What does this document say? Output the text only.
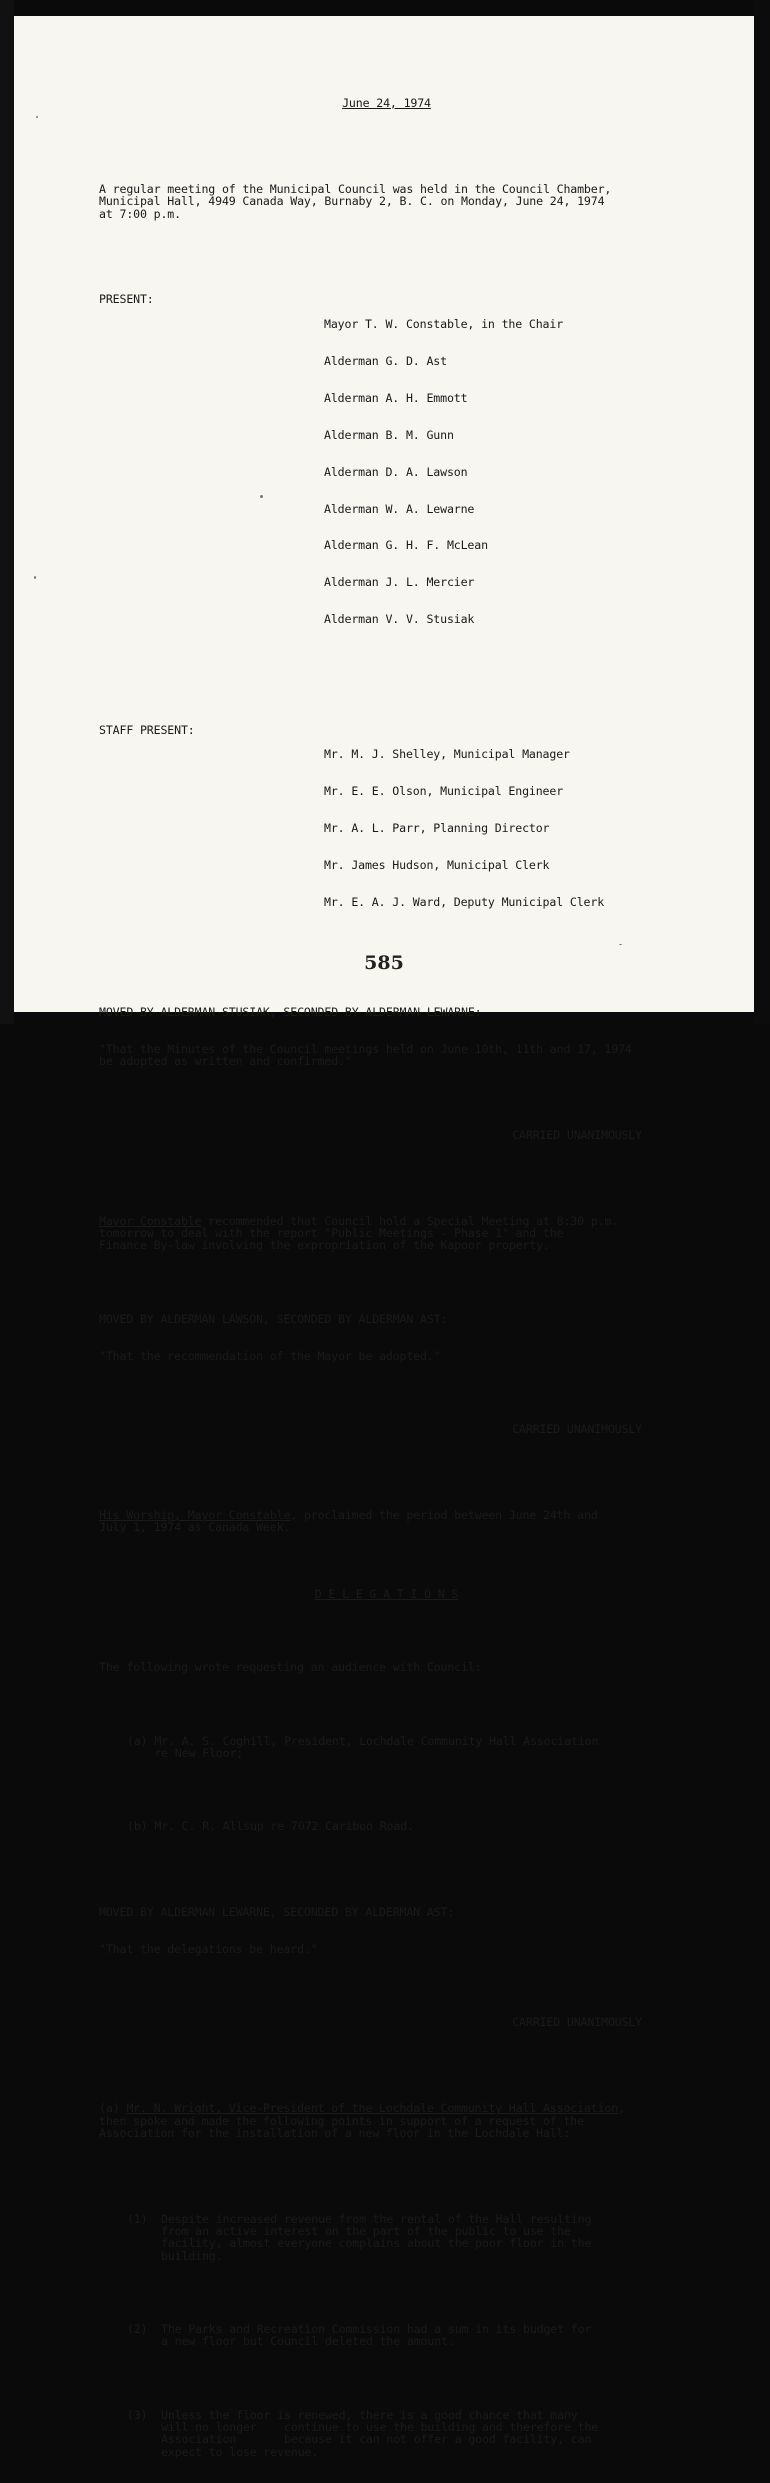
June 24, 1974

A regular meeting of the Municipal Council was held in the Council Chamber,
Municipal Hall, 4949 Canada Way, Burnaby 2, B. C. on Monday, June 24, 1974
at 7:00 p.m.

PRESENT:

Mayor T. W. Constable, in the Chair

Alderman G. D. Ast

Alderman A. H. Emmott

Alderman B. M. Gunn

Alderman D. A. Lawson

Alderman W. A. Lewarne

Alderman G. H. F. McLean

Alderman J. L. Mercier

Alderman V. V. Stusiak

STAFF PRESENT:

Mr. M. J. Shelley, Municipal Manager

Mr. E. E. Olson, Municipal Engineer

Mr. A. L. Parr, Planning Director

Mr. James Hudson, Municipal Clerk

Mr. E. A. J. Ward, Deputy Municipal Clerk

MOVED BY ALDERMAN STUSIAK, SECONDED BY ALDERMAN LEWARNE:

"That the Minutes of the Council meetings held on June 10th, 11th and 17, 1974
be adopted as written and confirmed."

CARRIED UNANIMOUSLY

Mayor Constable recommended that Council hold a Special Meeting at 8:30 p.m.
tomorrow to deal with the report "Public Meetings - Phase 1" and the
Finance By-law involving the expropriation of the Kapoor property.

MOVED BY ALDERMAN LAWSON, SECONDED BY ALDERMAN AST:

"That the recommendation of the Mayor be adopted."

CARRIED UNANIMOUSLY

His Worship, Mayor Constable, proclaimed the period between June 24th and
July 1, 1974 as Canada Week.

D E L E G A T I O N S

The following wrote requesting an audience with Council:

(a) Mr. A. S. Coghill, President, Lochdale Community Hall Association
re New Floor;

(b) Mr. C. R. Allsup re 7072 Cariboo Road.

MOVED BY ALDERMAN LEWARNE, SECONDED BY ALDERMAN AST:

"That the delegations be heard."

CARRIED UNANIMOUSLY

(a) Mr. N. Wright, Vice-President of the Lochdale Community Hall Association,
then spoke and made the following points in support of a request of the
Association for the installation of a new floor in the Lochdale Hall:

(1)	Despite increased revenue from the rental of the Hall resulting
from an active interest on the part of the public to use the
facility, almost everyone complains about the poor floor in the
building.

(2)	The Parks and Recreation Commission had a sum in its budget for
a new floor but Council deleted the amount.

(3)	Unless the floor is renewed, there is a good chance that many
will no longer    continue to use the building and therefore the
Association       because it can not offer a good facility, can
expect to lose revenue.

585
